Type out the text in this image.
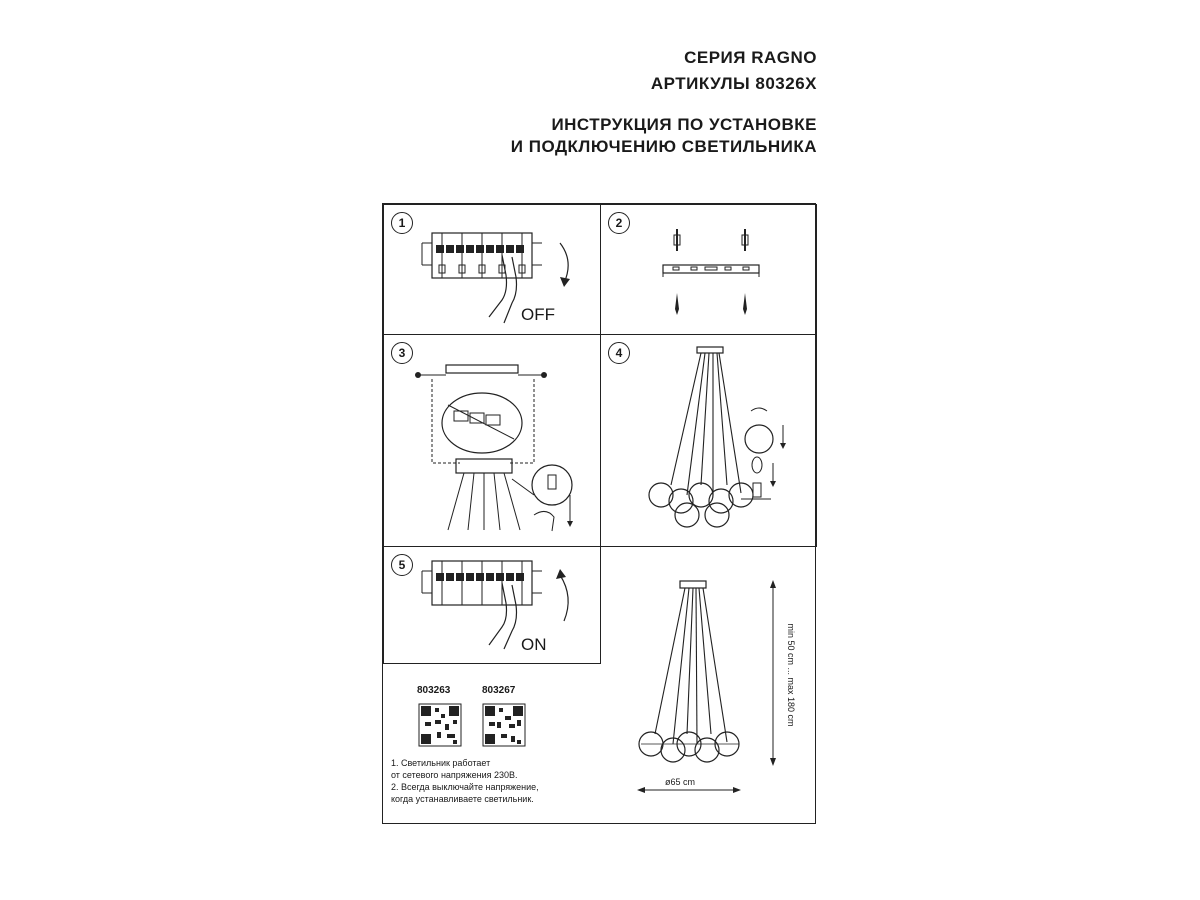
СЕРИЯ RAGNO
АРТИКУЛЫ 80326X
ИНСТРУКЦИЯ ПО УСТАНОВКЕ
И ПОДКЛЮЧЕНИЮ СВЕТИЛЬНИКА
1
OFF
2
3	4
5
ON
803263	803267
1. Светильник работает
от сетевого напряжения 230В.
2. Всегда выключайте напряжение,
когда устанавливаете светильник.
min 50 cm ... max 180 cm
ø65 cm
